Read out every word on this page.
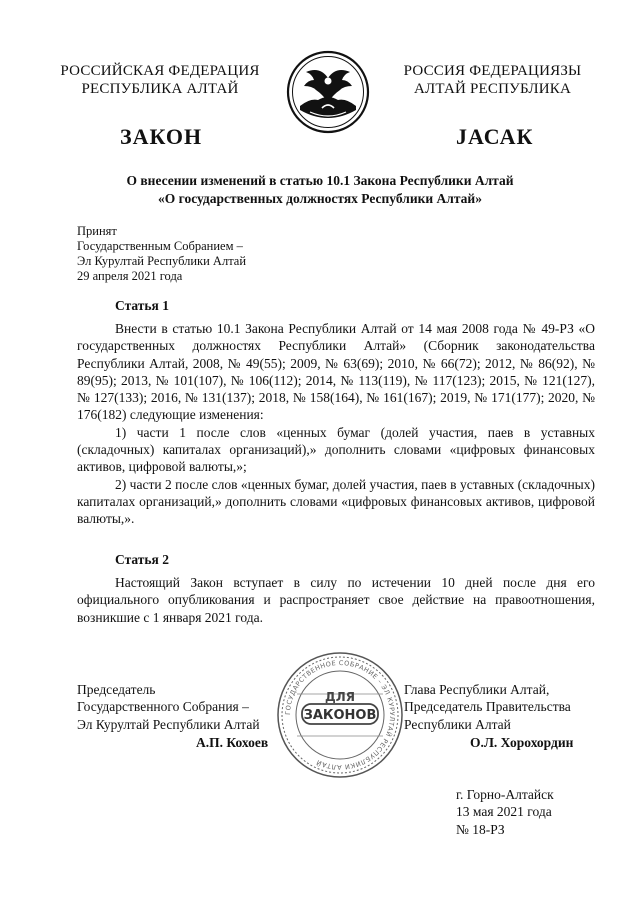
РОССИЙСКАЯ ФЕДЕРАЦИЯ
РЕСПУБЛИКА АЛТАЙ
РОССИЯ ФЕДЕРАЦИЯЗЫ
АЛТАЙ РЕСПУБЛИКА
ЗАКОН	JАСАК
О внесении изменений в статью 10.1 Закона Республики Алтай
«О государственных должностях Республики Алтай»
Принят
Государственным Собранием –
Эл Курултай Республики Алтай
29 апреля 2021 года
Статья 1

Внести в статью 10.1 Закона Республики Алтай от 14 мая 2008 года № 49-РЗ «О государственных должностях Республики Алтай» (Сборник законодательства Республики Алтай, 2008, № 49(55); 2009, № 63(69); 2010, № 66(72); 2012, № 86(92), № 89(95); 2013, № 101(107), № 106(112); 2014, № 113(119), № 117(123); 2015, № 121(127), № 127(133); 2016, № 131(137); 2018, № 158(164), № 161(167); 2019, № 171(177); 2020, № 176(182) следующие изменения:

1) части 1 после слов «ценных бумаг (долей участия, паев в уставных (складочных) капиталах организаций),» дополнить словами «цифровых финансовых активов, цифровой валюты,»;

2) части 2 после слов «ценных бумаг, долей участия, паев в уставных (складочных) капиталах организаций,» дополнить словами «цифровых финансовых активов, цифровой валюты,».

Статья 2

Настоящий Закон вступает в силу по истечении 10 дней после дня его официального опубликования и распространяет свое действие на правоотношения, возникшие с 1 января 2021 года.

ГОСУДАРСТВЕННОЕ СОБРАНИЕ – ЭЛ КУРУЛТАЙ РЕСПУБЛИКИ АЛТАЙ
ДЛЯ
ЗАКОНОВ
Председатель
Государственного Собрания –
Эл Курултай Республики Алтай
А.П. Кохоев
Глава Республики Алтай,
Председатель Правительства
Республики Алтай
О.Л. Хорохордин
г. Горно-Алтайск
13 мая 2021 года
№ 18-РЗ
